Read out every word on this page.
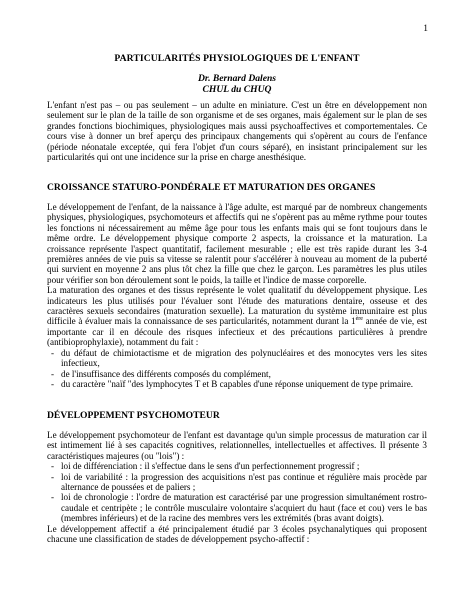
1
PARTICULARITÉS PHYSIOLOGIQUES DE L'ENFANT
Dr. Bernard Dalens
CHUL du CHUQ

L'enfant n'est pas – ou pas seulement – un adulte en miniature. C'est un être en développement non seulement sur le plan de la taille de son organisme et de ses organes, mais également sur le plan de ses grandes fonctions biochimiques, physiologiques mais aussi psychoaffectives et comportementales. Ce cours vise à donner un bref aperçu des principaux changements qui s'opèrent au cours de l'enfance (période néonatale exceptée, qui fera l'objet d'un cours séparé), en insistant principalement sur les particularités qui ont une incidence sur la prise en charge anesthésique.

CROISSANCE STATURO-PONDÉRALE ET MATURATION DES ORGANES

Le développement de l'enfant, de la naissance à l'âge adulte, est marqué par de nombreux changements physiques, physiologiques, psychomoteurs et affectifs qui ne s'opèrent pas au même rythme pour toutes les fonctions ni nécessairement au même âge pour tous les enfants mais qui se font toujours dans le même ordre. Le développement physique comporte 2 aspects, la croissance et la maturation. La croissance représente l'aspect quantitatif, facilement mesurable ; elle est très rapide durant les 3-4 premières années de vie puis sa vitesse se ralentit pour s'accélérer à nouveau au moment de la puberté qui survient en moyenne 2 ans plus tôt chez la fille que chez le garçon. Les paramètres les plus utiles pour vérifier son bon déroulement sont le poids, la taille et l'indice de masse corporelle.

La maturation des organes et des tissus représente le volet qualitatif du développement physique. Les indicateurs les plus utilisés pour l'évaluer sont l'étude des maturations dentaire, osseuse et des caractères sexuels secondaires (maturation sexuelle). La maturation du système immunitaire est plus difficile à évaluer mais la connaissance de ses particularités, notamment durant la 1ère année de vie, est importante car il en découle des risques infectieux et des précautions particulières à prendre (antibioprophylaxie), notamment du fait :

- du défaut de chimiotactisme et de migration des polynucléaires et des monocytes vers les sites infectieux,
- de l'insuffisance des différents composés du complément,
- du caractère "naïf "des lymphocytes T et B capables d'une réponse uniquement de type primaire.
DÉVELOPPEMENT PSYCHOMOTEUR

Le développement psychomoteur de l'enfant est davantage qu'un simple processus de maturation car il est intimement lié à ses capacités cognitives, relationnelles, intellectuelles et affectives. Il présente 3 caractéristiques majeures (ou "lois") :

- loi de différenciation : il s'effectue dans le sens d'un perfectionnement progressif ;
- loi de variabilité : la progression des acquisitions n'est pas continue et régulière mais procède par alternance de poussées et de paliers ;
- loi de chronologie : l'ordre de maturation est caractérisé par une progression simultanément rostro-caudale et centripète ; le contrôle musculaire volontaire s'acquiert du haut (face et cou) vers le bas (membres inférieurs) et de la racine des membres vers les extrémités (bras avant doigts).

Le développement affectif a été principalement étudié par 3 écoles psychanalytiques qui proposent chacune une classification de stades de développement psycho-affectif :
